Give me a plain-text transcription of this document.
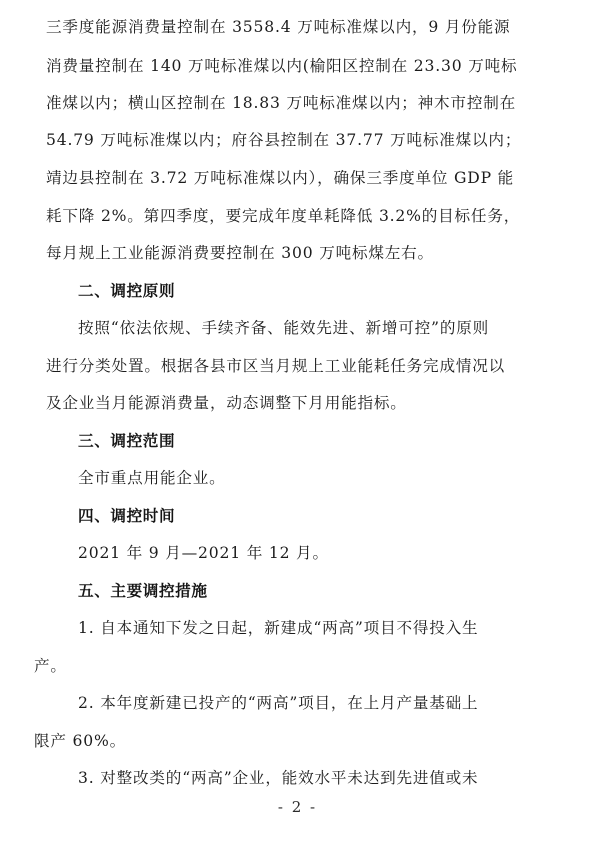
三季度能源消费量控制在 3558.4 万吨标准煤以内，9 月份能源
消费量控制在 140 万吨标准煤以内(榆阳区控制在 23.30 万吨标
准煤以内；横山区控制在 18.83 万吨标准煤以内；神木市控制在
54.79 万吨标准煤以内；府谷县控制在 37.77 万吨标准煤以内；
靖边县控制在 3.72 万吨标准煤以内），确保三季度单位 GDP 能
耗下降 2%。第四季度，要完成年度单耗降低 3.2%的目标任务，
每月规上工业能源消费要控制在 300 万吨标煤左右。
二、调控原则
按照“依法依规、手续齐备、能效先进、新增可控”的原则
进行分类处置。根据各县市区当月规上工业能耗任务完成情况以
及企业当月能源消费量，动态调整下月用能指标。
三、调控范围
全市重点用能企业。
四、调控时间
2021 年 9 月—2021 年 12 月。
五、主要调控措施
1. 自本通知下发之日起，新建成“两高”项目不得投入生
产。
2. 本年度新建已投产的“两高”项目，在上月产量基础上
限产 60%。
3. 对整改类的“两高”企业，能效水平未达到先进值或未
- 2 -
